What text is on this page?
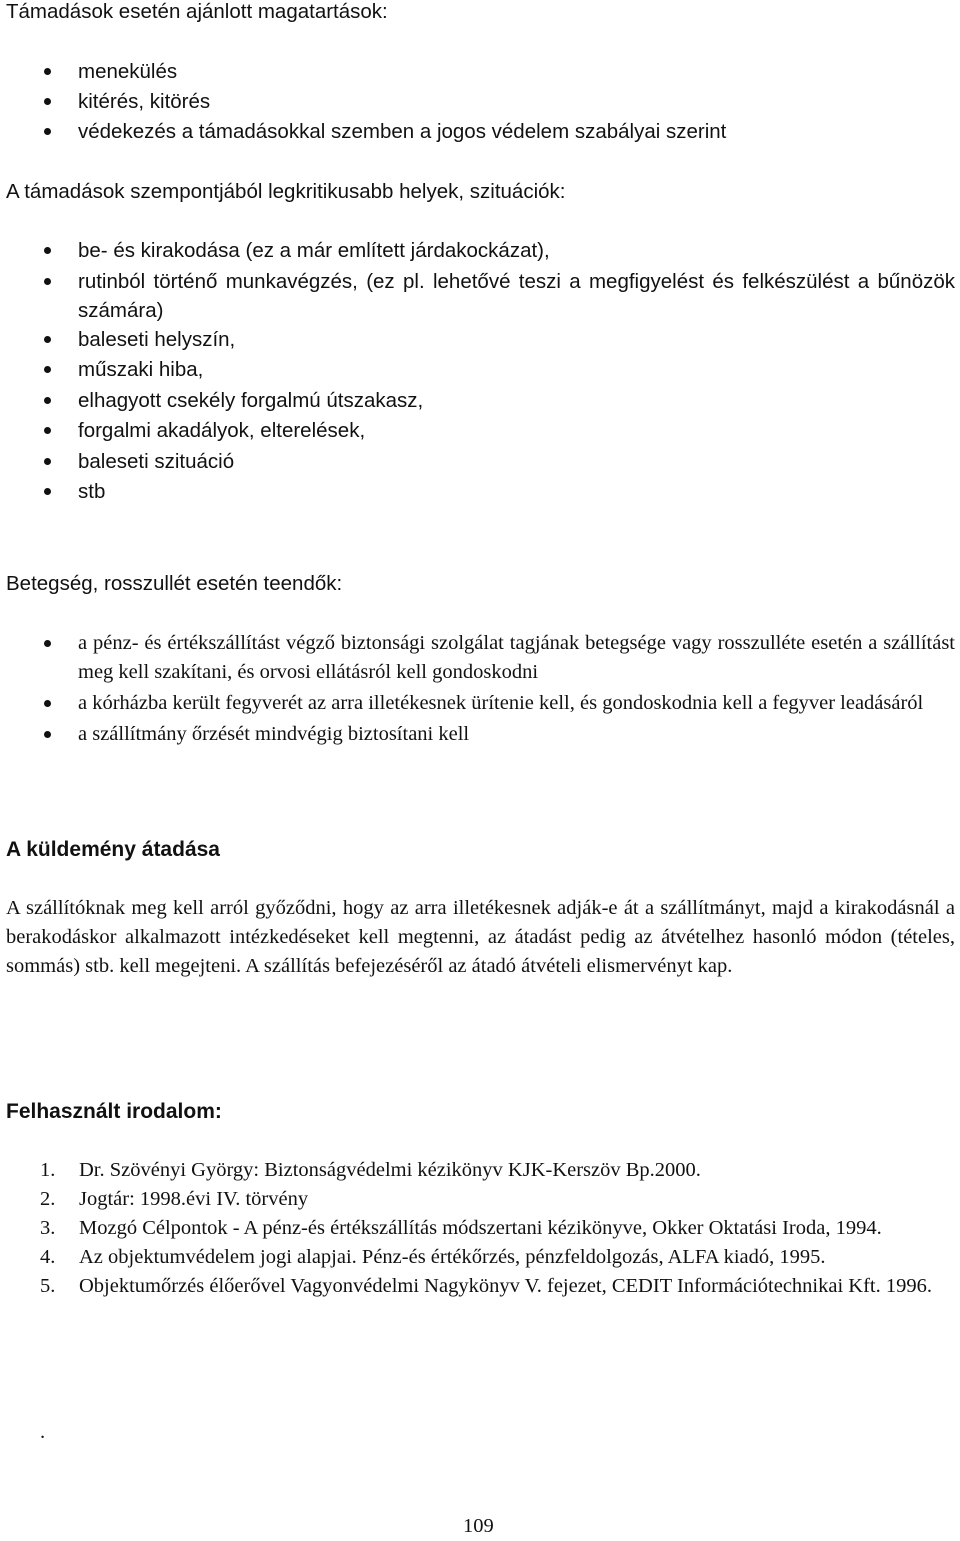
Támadások esetén ajánlott magatartások:
menekülés
kitérés, kitörés
védekezés a támadásokkal szemben a jogos védelem szabályai szerint
A támadások szempontjából legkritikusabb helyek, szituációk:
be- és kirakodása (ez a már említett járdakockázat),
rutinból történő munkavégzés, (ez pl. lehetővé teszi a megfigyelést és felkészülést a bűnözök számára)
baleseti helyszín,
műszaki hiba,
elhagyott csekély forgalmú útszakasz,
forgalmi akadályok, elterelések,
baleseti szituáció
stb
Betegség, rosszullét esetén teendők:
a pénz- és értékszállítást végző biztonsági szolgálat tagjának betegsége vagy rosszulléte esetén a szállítást meg kell szakítani, és orvosi ellátásról kell gondoskodni
a kórházba került fegyverét az arra illetékesnek ürítenie kell, és gondoskodnia kell a fegyver leadásáról
a szállítmány őrzését mindvégig biztosítani kell
A küldemény átadása
A szállítóknak meg kell arról győződni, hogy az arra illetékesnek adják-e át a szállítmányt, majd a kirakodásnál a berakodáskor alkalmazott intézkedéseket kell megtenni, az átadást pedig az átvételhez hasonló módon (tételes, sommás) stb. kell megejteni. A szállítás befejezéséről az átadó átvételi elismervényt kap.
Felhasznált irodalom:
1. Dr. Szövényi György: Biztonságvédelmi kézikönyv KJK-Kerszöv Bp.2000.
2. Jogtár: 1998.évi IV. törvény
3. Mozgó Célpontok - A pénz-és értékszállítás módszertani kézikönyve, Okker Oktatási Iroda, 1994.
4. Az objektumvédelem jogi alapjai. Pénz-és értékőrzés, pénzfeldolgozás, ALFA kiadó, 1995.
5. Objektumőrzés élőerővel Vagyonvédelmi Nagykönyv V. fejezet, CEDIT Információtechnikai Kft. 1996.
.
109
